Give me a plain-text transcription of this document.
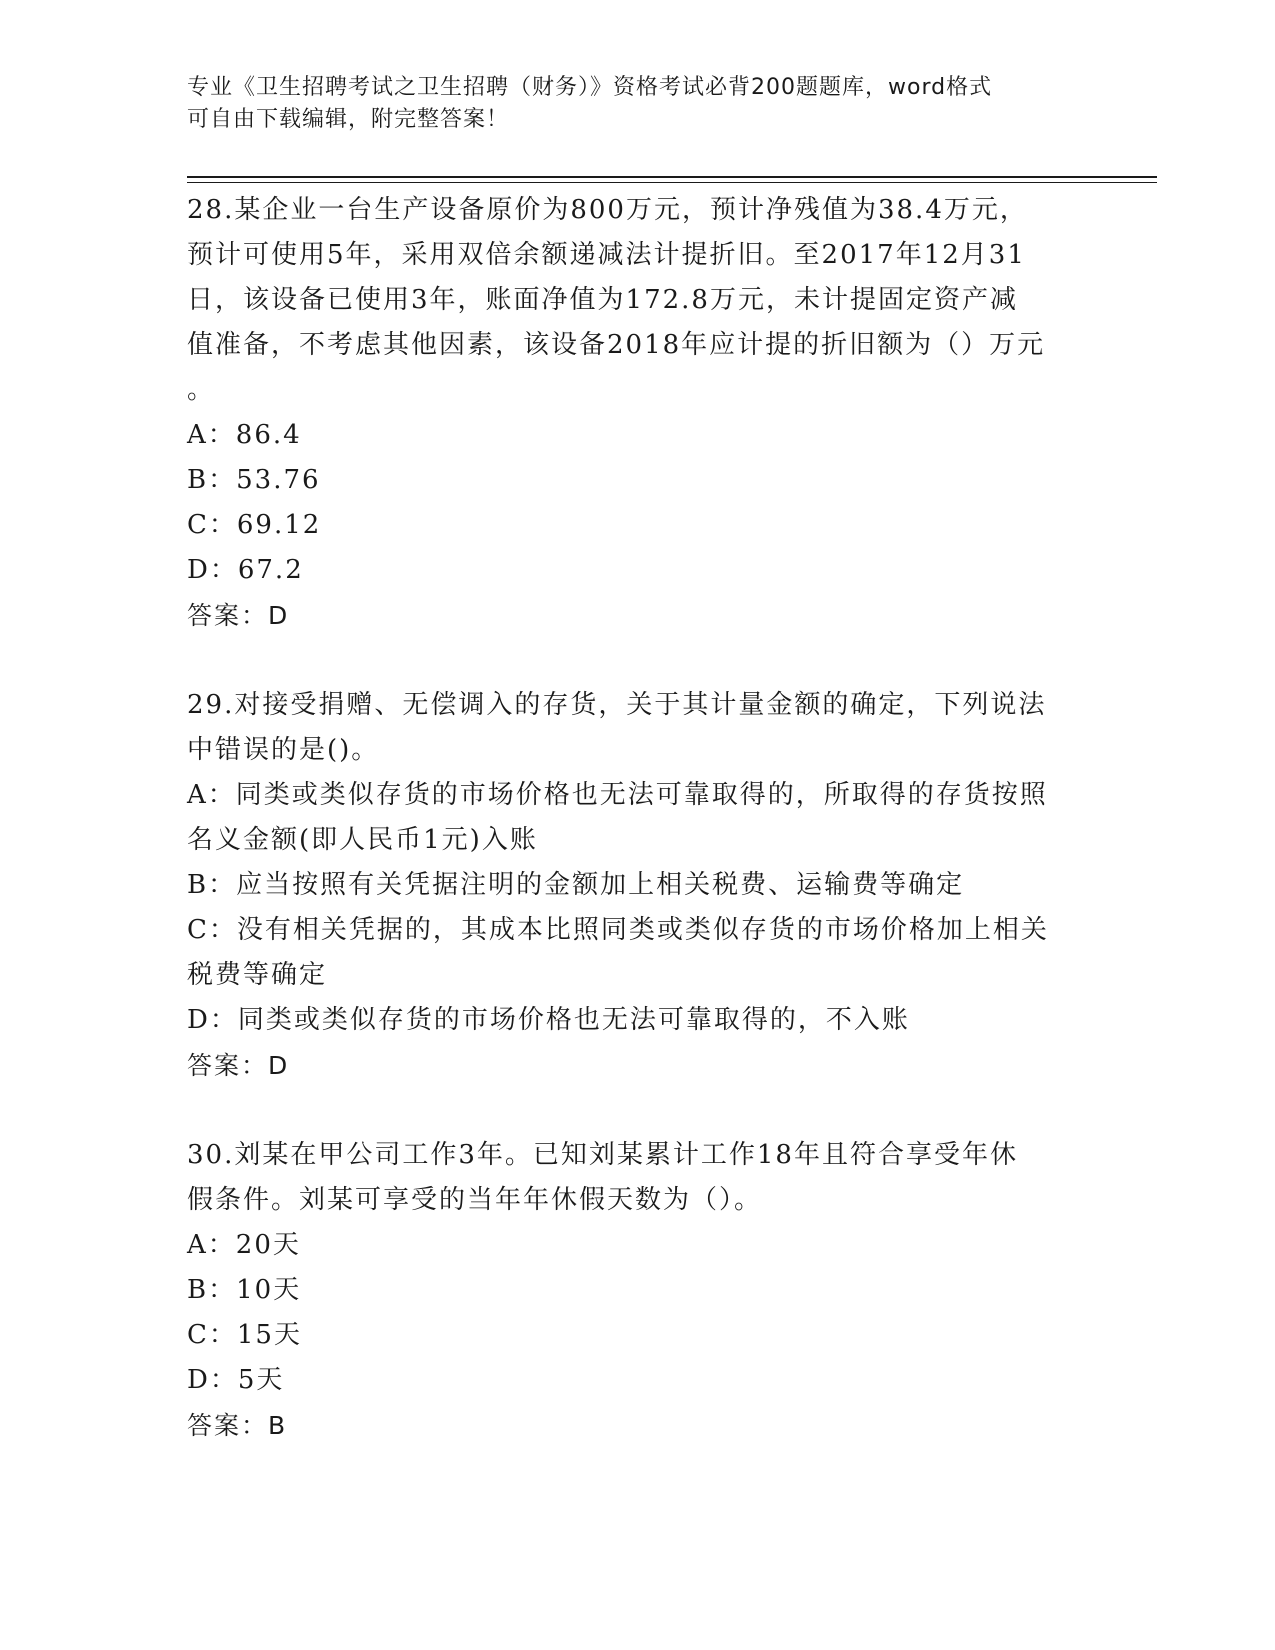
专业《卫生招聘考试之卫生招聘（财务）》资格考试必背200题题库，word格式
可自由下载编辑，附完整答案！
28.某企业一台生产设备原价为800万元，预计净残值为38.4万元，
预计可使用5年，采用双倍余额递减法计提折旧。至2017年12月31
日，该设备已使用3年，账面净值为172.8万元，未计提固定资产减
值准备，不考虑其他因素，该设备2018年应计提的折旧额为（）万元
。
A：86.4
B：53.76
C：69.12
D：67.2
答案：D
29.对接受捐赠、无偿调入的存货，关于其计量金额的确定，下列说法
中错误的是()。
A：同类或类似存货的市场价格也无法可靠取得的，所取得的存货按照
名义金额(即人民币1元)入账
B：应当按照有关凭据注明的金额加上相关税费、运输费等确定
C：没有相关凭据的，其成本比照同类或类似存货的市场价格加上相关
税费等确定
D：同类或类似存货的市场价格也无法可靠取得的，不入账
答案：D
30.刘某在甲公司工作3年。已知刘某累计工作18年且符合享受年休
假条件。刘某可享受的当年年休假天数为（）。
A：20天
B：10天
C：15天
D：5天
答案：B
